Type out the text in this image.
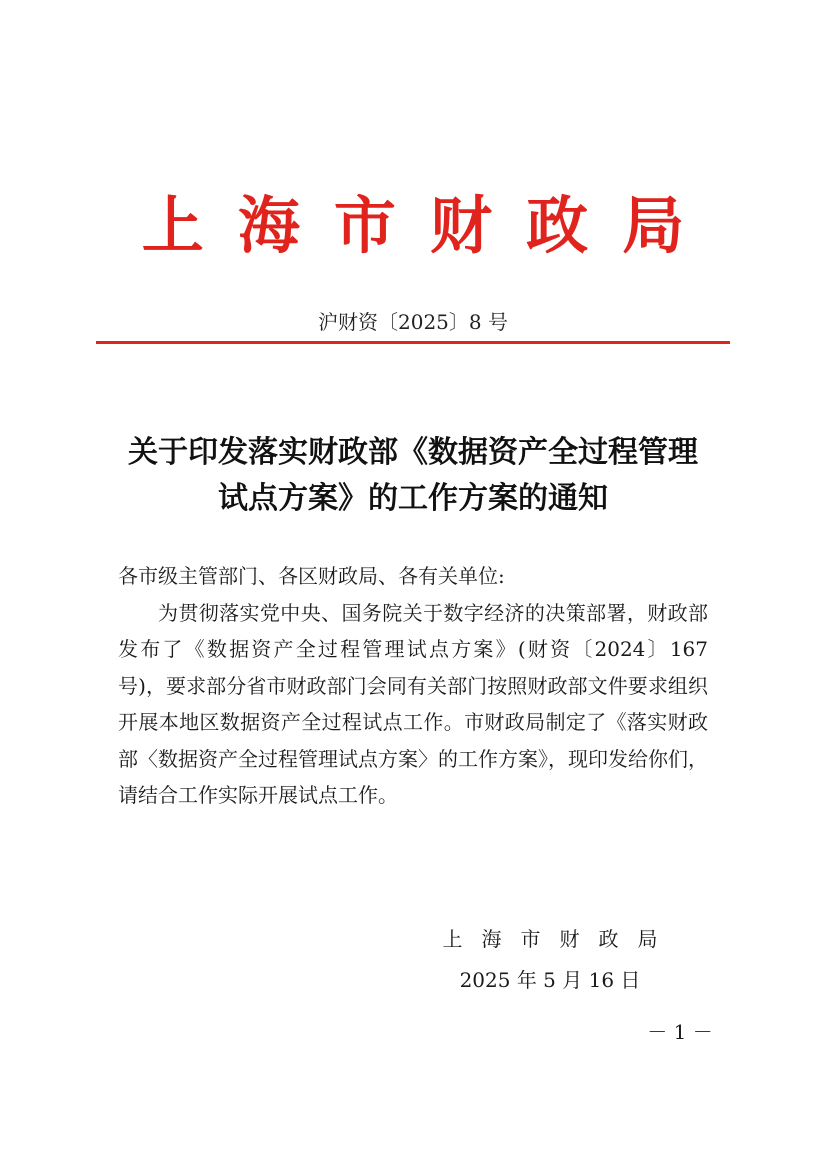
上海市财政局
沪财资〔2025〕8 号
关于印发落实财政部《数据资产全过程管理
试点方案》的工作方案的通知

各市级主管部门、各区财政局、各有关单位:

为贯彻落实党中央、国务院关于数字经济的决策部署，财政部发布了《数据资产全过程管理试点方案》(财资〔2024〕167 号)，要求部分省市财政部门会同有关部门按照财政部文件要求组织开展本地区数据资产全过程试点工作。市财政局制定了《落实财政部〈数据资产全过程管理试点方案〉的工作方案》，现印发给你们，请结合工作实际开展试点工作。

上海市财政局
2025 年 5 月 16 日
－ 1 －
